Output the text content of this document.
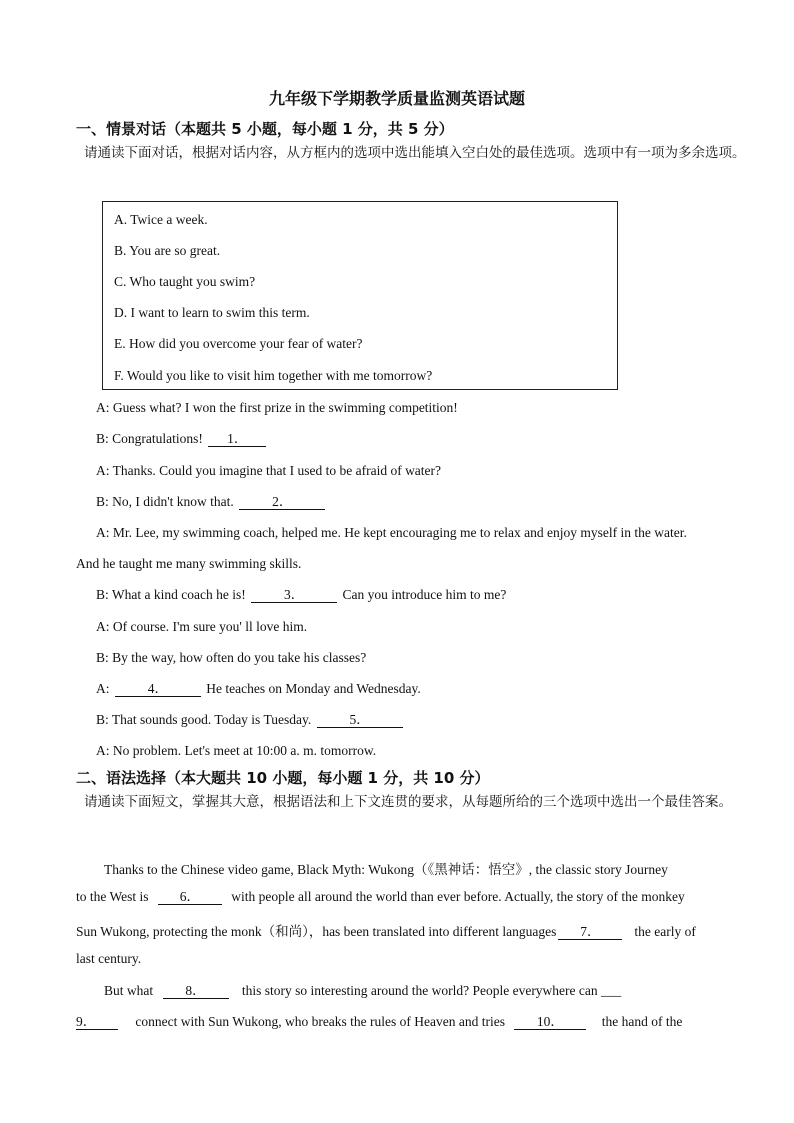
九年级下学期教学质量监测英语试题
一、情景对话（本题共 5 小题，每小题 1 分，共 5 分）
请通读下面对话，根据对话内容，从方框内的选项中选出能填入空白处的最佳选项。选项中有一项为多余选项。
A. Twice a week.
B. You are so great.
C. Who taught you swim?
D. I want to learn to swim this term.
E. How did you overcome your fear of water?
F. Would you like to visit him together with me tomorrow?
A: Guess what? I won the first prize in the swimming competition!
B: Congratulations! 1．
A: Thanks. Could you imagine that I used to be afraid of water?
B: No, I didn't know that.	2．
A: Mr. Lee, my swimming coach, helped me. He kept encouraging me to relax and enjoy myself in the water.
And he taught me many swimming skills.
B: What a kind coach he is!	3．	Can you introduce him to me?
A: Of course. I'm sure you' ll love him.
B: By the way, how often do you take his classes?
A:	4．	He teaches on Monday and Wednesday.
B: That sounds good. Today is Tuesday.	5．
A: No problem. Let's meet at 10:00 a. m. tomorrow.
二、语法选择（本大题共 10 小题，每小题 1 分，共 10 分）
请通读下面短文，掌握其大意，根据语法和上下文连贯的要求，从每题所给的三个选项中选出一个最佳答案。
Thanks to the Chinese video game, Black Myth: Wukong（《黑神话：悟空》, the classic story Journey
to the West is 6． with people all around the world than ever before. Actually, the story of the monkey
Sun Wukong, protecting the monk（和尚），has been translated into different languages 7．	the early of
last century.
But what 8．	this story so interesting around the world? People everywhere can ___
9．	connect with Sun Wukong, who breaks the rules of Heaven and tries 10．	the hand of the
